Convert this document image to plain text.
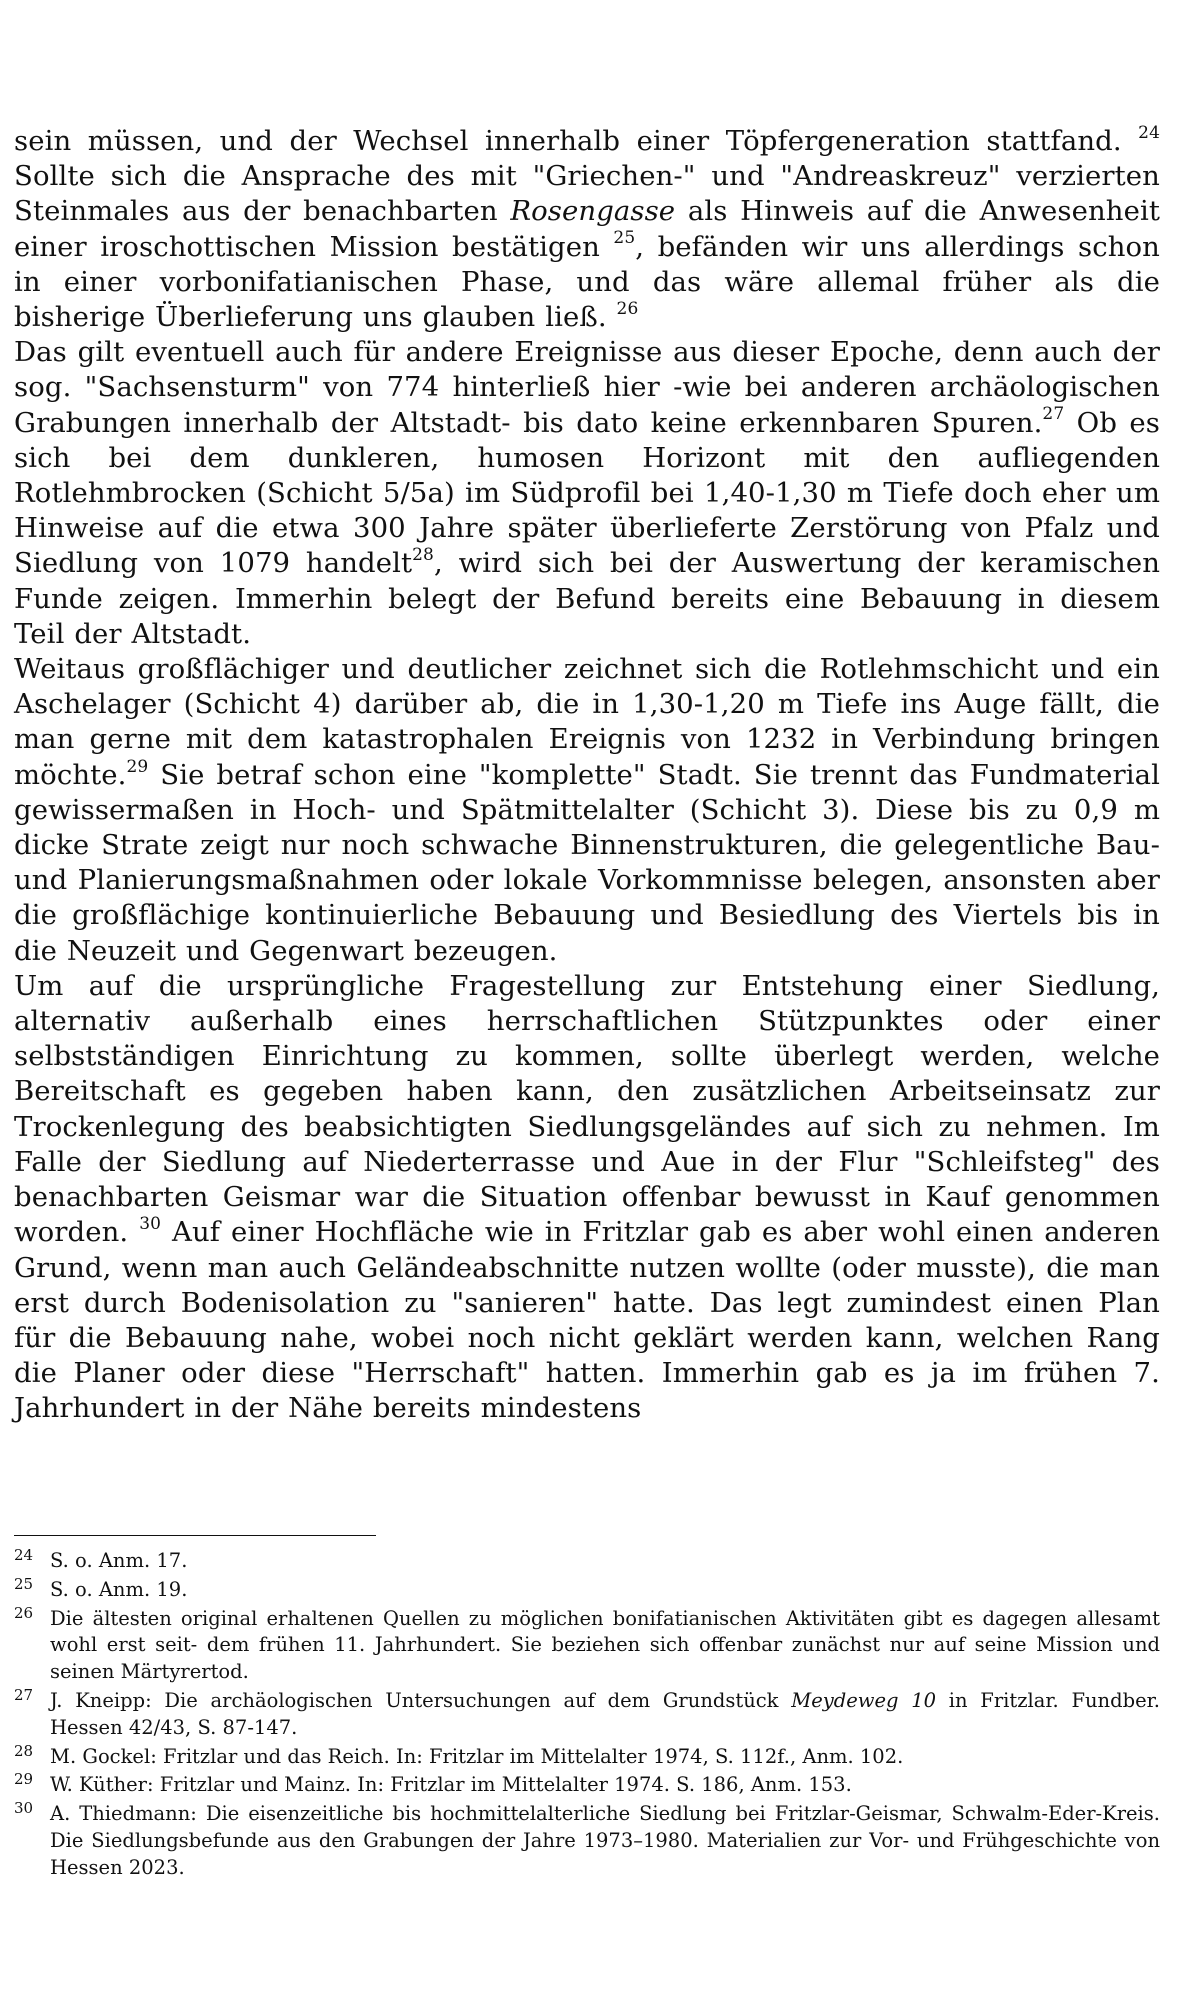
sein müssen, und der Wechsel innerhalb einer Töpfergeneration stattfand. $^{24}$ Sollte sich die Ansprache des mit "Griechen-" und "Andreaskreuz" verzierten Steinmales aus der benachbarten Rosengasse als Hinweis auf die Anwesenheit einer iroschottischen Mission bestätigen $^{25}$, befänden wir uns allerdings schon in einer vorbonifatianischen Phase, und das wäre allemal früher als die bisherige Überlieferung uns glauben ließ. $^{26}$

Das gilt eventuell auch für andere Ereignisse aus dieser Epoche, denn auch der sog. "Sachsensturm" von 774 hinterließ hier -wie bei anderen archäologischen Grabungen innerhalb der Altstadt- bis dato keine erkennbaren Spuren.$^{27}$ Ob es sich bei dem dunkleren, humosen Horizont mit den aufliegenden Rotlehmbrocken (Schicht 5/5a) im Südprofil bei 1,40-1,30 m Tiefe doch eher um Hinweise auf die etwa 300 Jahre später überlieferte Zerstörung von Pfalz und Siedlung von 1079 handelt$^{28}$, wird sich bei der Auswertung der keramischen Funde zeigen. Immerhin belegt der Befund bereits eine Bebauung in diesem Teil der Altstadt.

Weitaus großflächiger und deutlicher zeichnet sich die Rotlehmschicht und ein Aschelager (Schicht 4) darüber ab, die in 1,30-1,20 m Tiefe ins Auge fällt, die man gerne mit dem katastrophalen Ereignis von 1232 in Verbindung bringen möchte.$^{29}$ Sie betraf schon eine "komplette" Stadt. Sie trennt das Fundmaterial gewissermaßen in Hoch- und Spätmittelalter (Schicht 3). Diese bis zu 0,9 m dicke Strate zeigt nur noch schwache Binnenstrukturen, die gelegentliche Bau- und Planierungsmaßnahmen oder lokale Vorkommnisse belegen, ansonsten aber die großflächige kontinuierliche Bebauung und Besiedlung des Viertels bis in die Neuzeit und Gegenwart bezeugen.

Um auf die ursprüngliche Fragestellung zur Entstehung einer Siedlung, alternativ außerhalb eines herrschaftlichen Stützpunktes oder einer selbstständigen Einrichtung zu kommen, sollte überlegt werden, welche Bereitschaft es gegeben haben kann, den zusätzlichen Arbeitseinsatz zur Trockenlegung des beabsichtigten Siedlungsgeländes auf sich zu nehmen. Im Falle der Siedlung auf Niederterrasse und Aue in der Flur "Schleifsteg" des benachbarten Geismar war die Situation offenbar bewusst in Kauf genommen worden. $^{30}$ Auf einer Hochfläche wie in Fritzlar gab es aber wohl einen anderen Grund, wenn man auch Geländeabschnitte nutzen wollte (oder musste), die man erst durch Bodenisolation zu "sanieren" hatte. Das legt zumindest einen Plan für die Bebauung nahe, wobei noch nicht geklärt werden kann, welchen Rang die Planer oder diese "Herrschaft" hatten. Immerhin gab es ja im frühen 7. Jahrhundert in der Nähe bereits mindestens

24 S. o. Anm. 17.
25 S. o. Anm. 19.
26 Die ältesten original erhaltenen Quellen zu möglichen bonifatianischen Aktivitäten gibt es dagegen allesamt wohl erst seit- dem frühen 11. Jahrhundert. Sie beziehen sich offenbar zunächst nur auf seine Mission und seinen Märtyrertod.
27 J. Kneipp: Die archäologischen Untersuchungen auf dem Grundstück Meydeweg 10 in Fritzlar. Fundber. Hessen 42/43, S. 87-147.
28 M. Gockel: Fritzlar und das Reich. In: Fritzlar im Mittelalter 1974, S. 112f., Anm. 102.
29 W. Küther: Fritzlar und Mainz. In: Fritzlar im Mittelalter 1974. S. 186, Anm. 153.
30 A. Thiedmann: Die eisenzeitliche bis hochmittelalterliche Siedlung bei Fritzlar-Geismar, Schwalm-Eder-Kreis. Die Siedlungsbefunde aus den Grabungen der Jahre 1973–1980. Materialien zur Vor- und Frühgeschichte von Hessen 2023.
